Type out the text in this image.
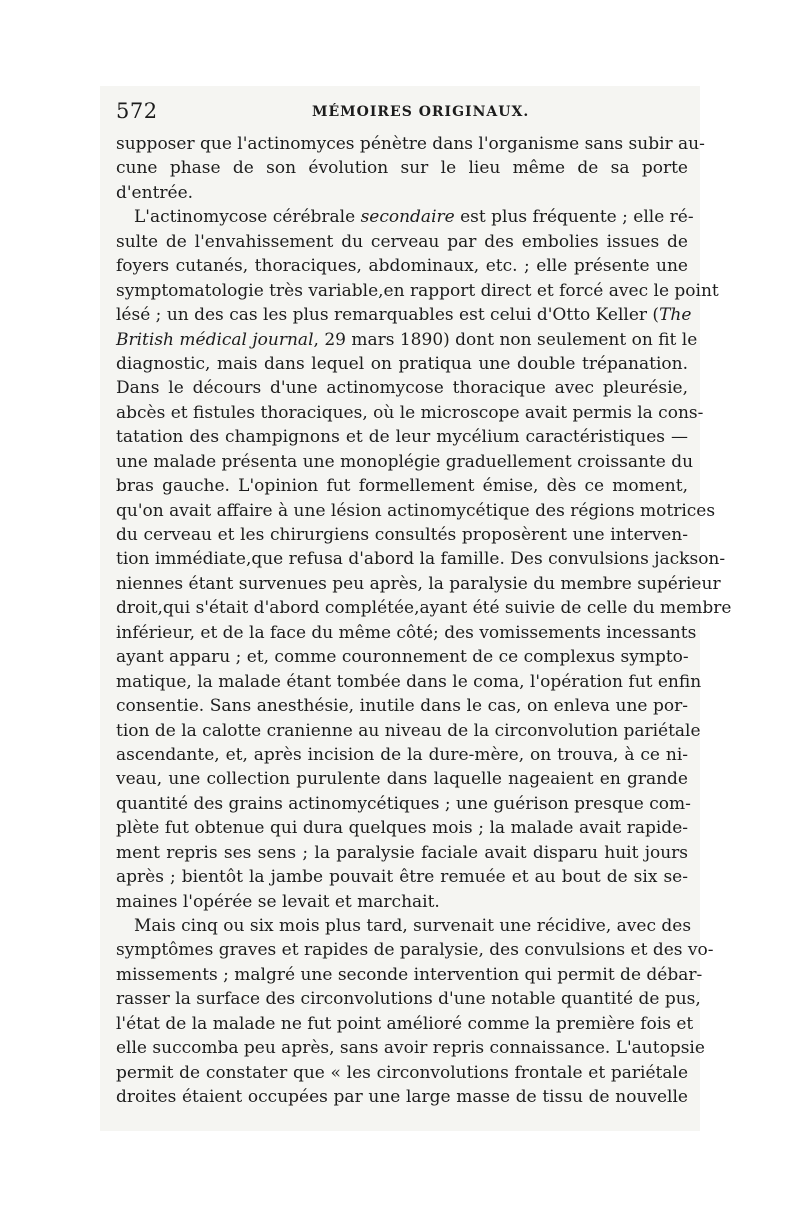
572	MÉMOIRES ORIGINAUX.
supposer que l'actinomyces pénètre dans l'organisme sans subir au-
cune phase de son évolution sur le lieu même de sa porte
d'entrée.
L'actinomycose cérébrale secondaire est plus fréquente ; elle ré-
sulte de l'envahissement du cerveau par des embolies issues de
foyers cutanés, thoraciques, abdominaux, etc. ; elle présente une
symptomatologie très variable,en rapport direct et forcé avec le point
lésé ; un des cas les plus remarquables est celui d'Otto Keller (The
British médical journal, 29 mars 1890) dont non seulement on fit le
diagnostic, mais dans lequel on pratiqua une double trépanation.
Dans le décours d'une actinomycose thoracique avec pleurésie,
abcès et fistules thoraciques, où le microscope avait permis la cons-
tatation des champignons et de leur mycélium caractéristiques —
une malade présenta une monoplégie graduellement croissante du
bras gauche. L'opinion fut formellement émise, dès ce moment,
qu'on avait affaire à une lésion actinomycétique des régions motrices
du cerveau et les chirurgiens consultés proposèrent une interven-
tion immédiate,que refusa d'abord la famille. Des convulsions jackson-
niennes étant survenues peu après, la paralysie du membre supérieur
droit,qui s'était d'abord complétée,ayant été suivie de celle du membre
inférieur, et de la face du même côté; des vomissements incessants
ayant apparu ; et, comme couronnement de ce complexus sympto-
matique, la malade étant tombée dans le coma, l'opération fut enfin
consentie. Sans anesthésie, inutile dans le cas, on enleva une por-
tion de la calotte cranienne au niveau de la circonvolution pariétale
ascendante, et, après incision de la dure-mère, on trouva, à ce ni-
veau, une collection purulente dans laquelle nageaient en grande
quantité des grains actinomycétiques ; une guérison presque com-
plète fut obtenue qui dura quelques mois ; la malade avait rapide-
ment repris ses sens ; la paralysie faciale avait disparu huit jours
après ; bientôt la jambe pouvait être remuée et au bout de six se-
maines l'opérée se levait et marchait.
Mais cinq ou six mois plus tard, survenait une récidive, avec des
symptômes graves et rapides de paralysie, des convulsions et des vo-
missements ; malgré une seconde intervention qui permit de débar-
rasser la surface des circonvolutions d'une notable quantité de pus,
l'état de la malade ne fut point amélioré comme la première fois et
elle succomba peu après, sans avoir repris connaissance. L'autopsie
permit de constater que « les circonvolutions frontale et pariétale
droites étaient occupées par une large masse de tissu de nouvelle
